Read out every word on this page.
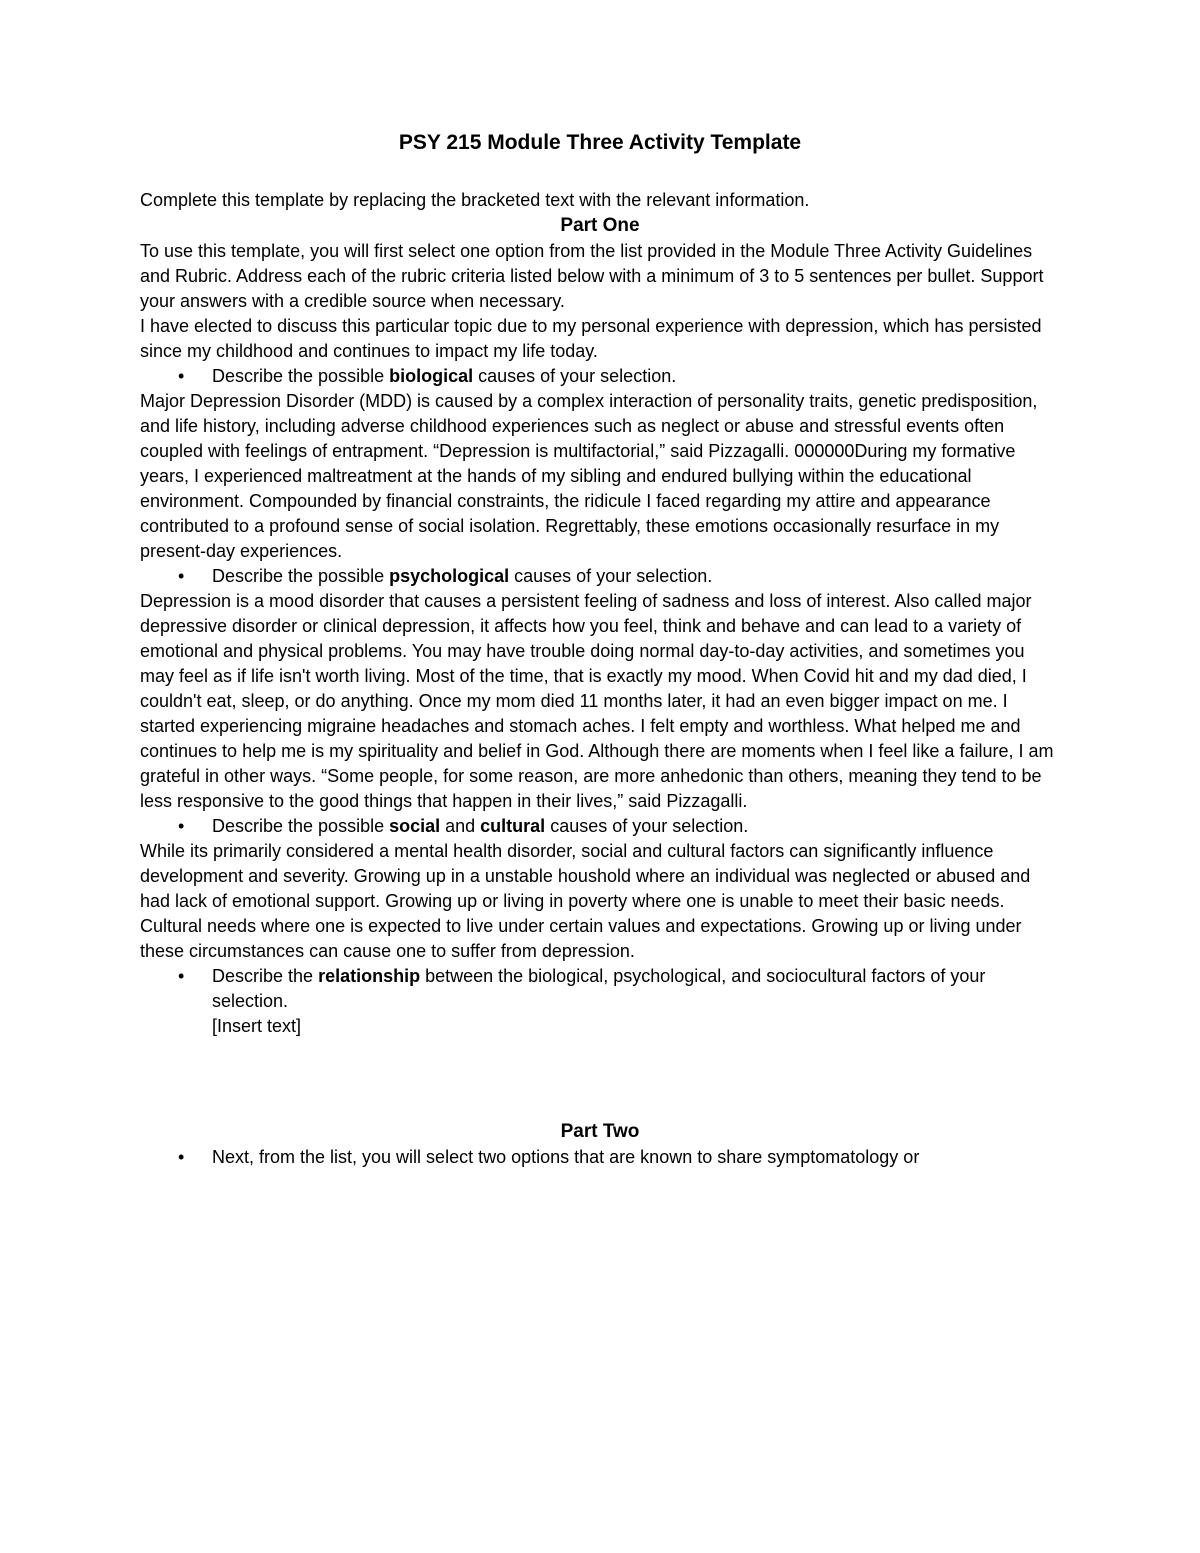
PSY 215 Module Three Activity Template

Complete this template by replacing the bracketed text with the relevant information.

Part One

To use this template, you will first select one option from the list provided in the Module Three Activity Guidelines and Rubric. Address each of the rubric criteria listed below with a minimum of 3 to 5 sentences per bullet. Support your answers with a credible source when necessary.

I have elected to discuss this particular topic due to my personal experience with depression, which has persisted since my childhood and continues to impact my life today.

•	Describe the possible biological causes of your selection.

Major Depression Disorder (MDD) is caused by a complex interaction of personality traits, genetic predisposition, and life history, including adverse childhood experiences such as neglect or abuse and stressful events often coupled with feelings of entrapment. “Depression is multifactorial,” said Pizzagalli. 000000During my formative years, I experienced maltreatment at the hands of my sibling and endured bullying within the educational environment. Compounded by financial constraints, the ridicule I faced regarding my attire and appearance contributed to a profound sense of social isolation. Regrettably, these emotions occasionally resurface in my present-day experiences.

•	Describe the possible psychological causes of your selection.

Depression is a mood disorder that causes a persistent feeling of sadness and loss of interest. Also called major depressive disorder or clinical depression, it affects how you feel, think and behave and can lead to a variety of emotional and physical problems. You may have trouble doing normal day-to-day activities, and sometimes you may feel as if life isn't worth living. Most of the time, that is exactly my mood. When Covid hit and my dad died, I couldn't eat, sleep, or do anything. Once my mom died 11 months later, it had an even bigger impact on me. I started experiencing migraine headaches and stomach aches. I felt empty and worthless. What helped me and continues to help me is my spirituality and belief in God. Although there are moments when I feel like a failure, I am grateful in other ways. “Some people, for some reason, are more anhedonic than others, meaning they tend to be less responsive to the good things that happen in their lives,” said Pizzagalli.

•	Describe the possible social and cultural causes of your selection.

While its primarily considered a mental health disorder, social and cultural factors can significantly influence development and severity. Growing up in a unstable houshold where an individual was neglected or abused and had lack of emotional support. Growing up or living in poverty where one is unable to meet their basic needs. Cultural needs where one is expected to live under certain values and expectations. Growing up or living under these circumstances can cause one to suffer from depression.

•	Describe the relationship between the biological, psychological, and sociocultural factors of your selection.
[Insert text]
Part Two
•	Next, from the list, you will select two options that are known to share symptomatology or
